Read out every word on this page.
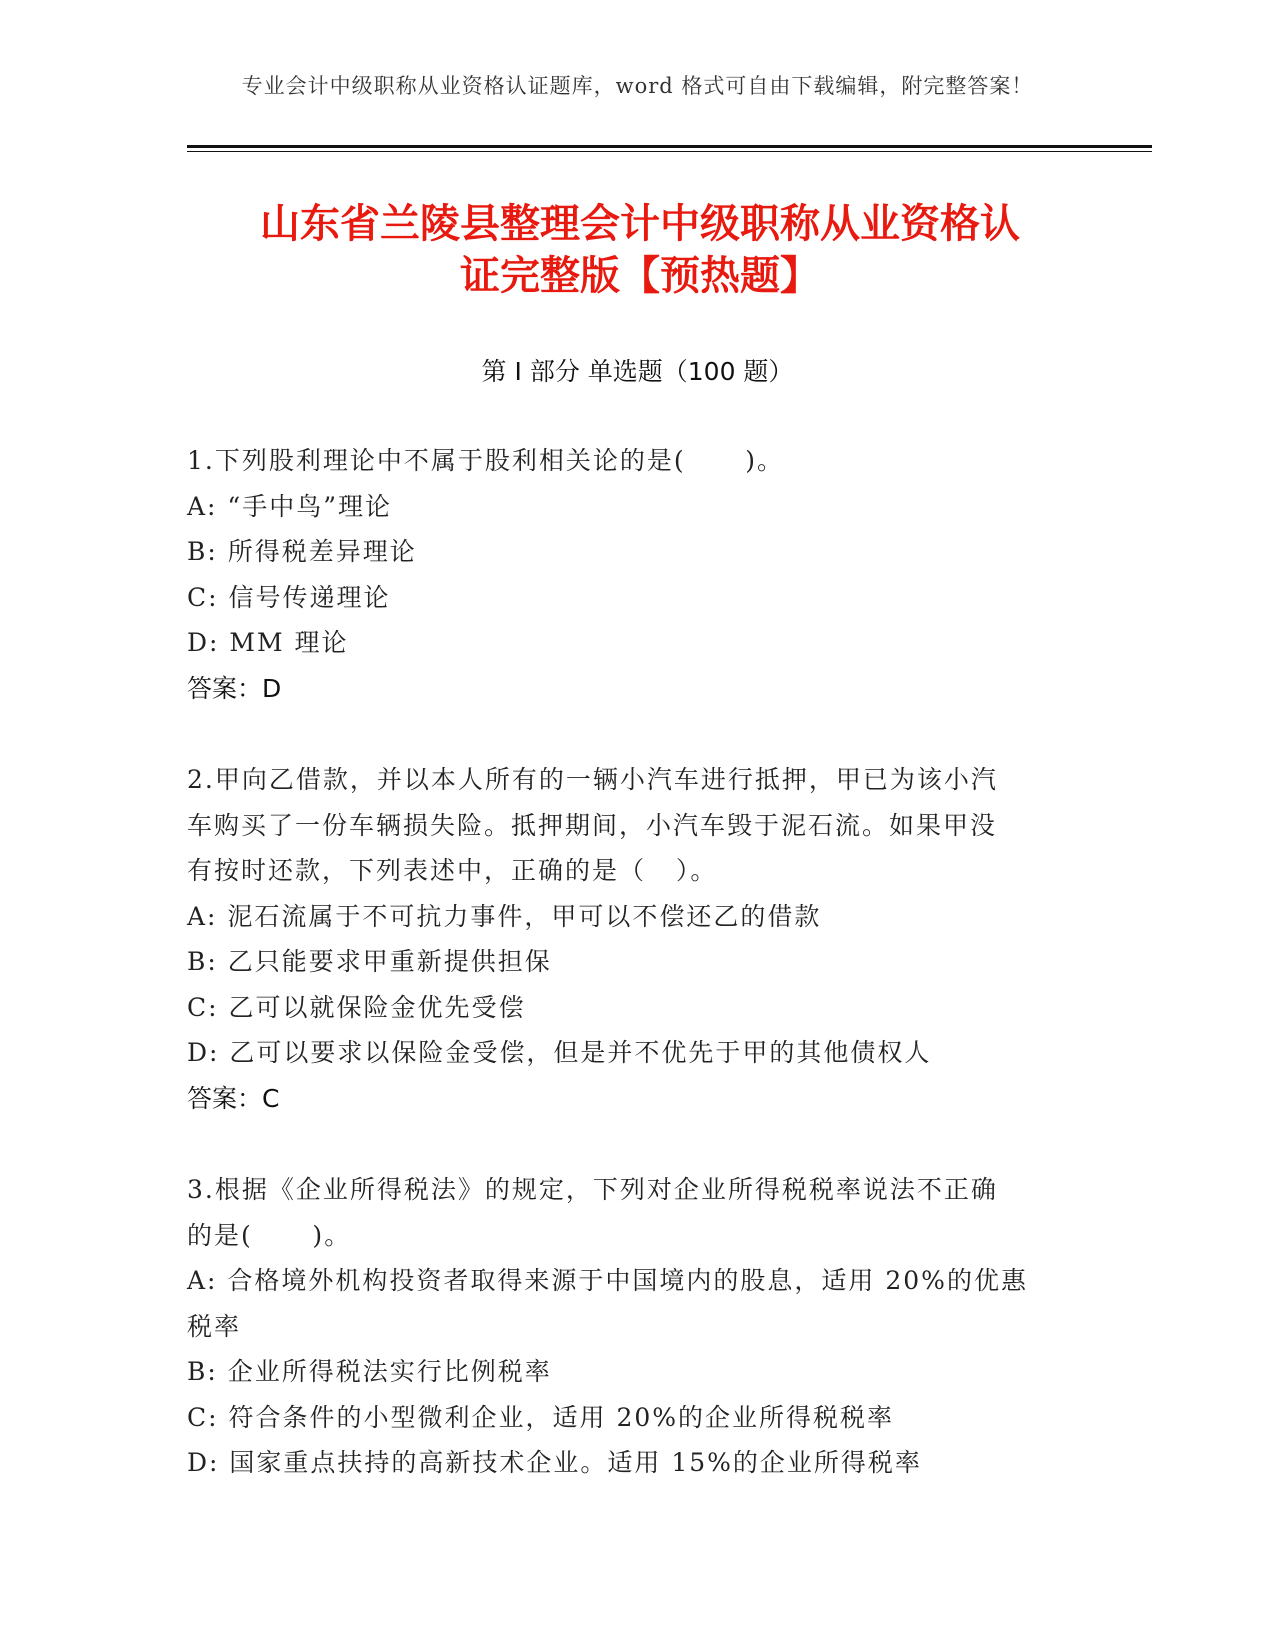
专业会计中级职称从业资格认证题库，word 格式可自由下载编辑，附完整答案！
山东省兰陵县整理会计中级职称从业资格认
证完整版【预热题】
第 I 部分 单选题（100 题）
1.下列股利理论中不属于股利相关论的是(      )。
A: “手中鸟”理论
B: 所得税差异理论
C: 信号传递理论
D: MM 理论
答案：D
2.甲向乙借款，并以本人所有的一辆小汽车进行抵押，甲已为该小汽
车购买了一份车辆损失险。抵押期间，小汽车毁于泥石流。如果甲没
有按时还款，下列表述中，正确的是（   ）。
A: 泥石流属于不可抗力事件，甲可以不偿还乙的借款
B: 乙只能要求甲重新提供担保
C: 乙可以就保险金优先受偿
D: 乙可以要求以保险金受偿，但是并不优先于甲的其他债权人
答案：C
3.根据《企业所得税法》的规定，下列对企业所得税税率说法不正确
的是(      )。
A: 合格境外机构投资者取得来源于中国境内的股息，适用 20%的优惠
税率
B: 企业所得税法实行比例税率
C: 符合条件的小型微利企业，适用 20%的企业所得税税率
D: 国家重点扶持的高新技术企业。适用 15%的企业所得税率
